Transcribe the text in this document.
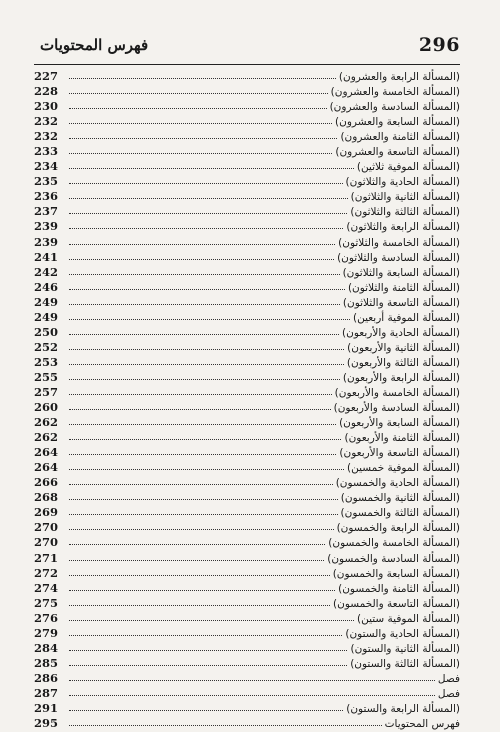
فهرس المحتويات	296
227	(المسألة الرابعة والعشرون)
228	(المسألة الخامسة والعشرون)
230	(المسألة السادسة والعشرون)
232	(المسألة السابعة والعشرون)
232	(المسألة الثامنة والعشرون)
233	(المسألة التاسعة والعشرون)
234	(المسألة الموفية ثلاثين)
235	(المسألة الحادية والثلاثون)
236	(المسألة الثانية والثلاثون)
237	(المسألة الثالثة والثلاثون)
239	(المسألة الرابعة والثلاثون)
239	(المسألة الخامسة والثلاثون)
241	(المسألة السادسة والثلاثون)
242	(المسألة السابعة والثلاثون)
246	(المسألة الثامنة والثلاثون)
249	(المسألة التاسعة والثلاثون)
249	(المسألة الموفية أربعين)
250	(المسألة الحادية والأربعون)
252	(المسألة الثانية والأربعون)
253	(المسألة الثالثة والأربعون)
255	(المسألة الرابعة والأربعون)
257	(المسألة الخامسة والأربعون)
260	(المسألة السادسة والأربعون)
262	(المسألة السابعة والأربعون)
262	(المسألة الثامنة والأربعون)
264	(المسألة التاسعة والأربعون)
264	(المسألة الموفية خمسين)
266	(المسألة الحادية والخمسون)
268	(المسألة الثانية والخمسون)
269	(المسألة الثالثة والخمسون)
270	(المسألة الرابعة والخمسون)
270	(المسألة الخامسة والخمسون)
271	(المسألة السادسة والخمسون)
272	(المسألة السابعة والخمسون)
274	(المسألة الثامنة والخمسون)
275	(المسألة التاسعة والخمسون)
276	(المسألة الموفية ستين)
279	(المسألة الحادية والستون)
284	(المسألة الثانية والستون)
285	(المسألة الثالثة والستون)
286	فصل
287	فصل
291	(المسألة الرابعة والستون)
295	فهرس المحتويات
